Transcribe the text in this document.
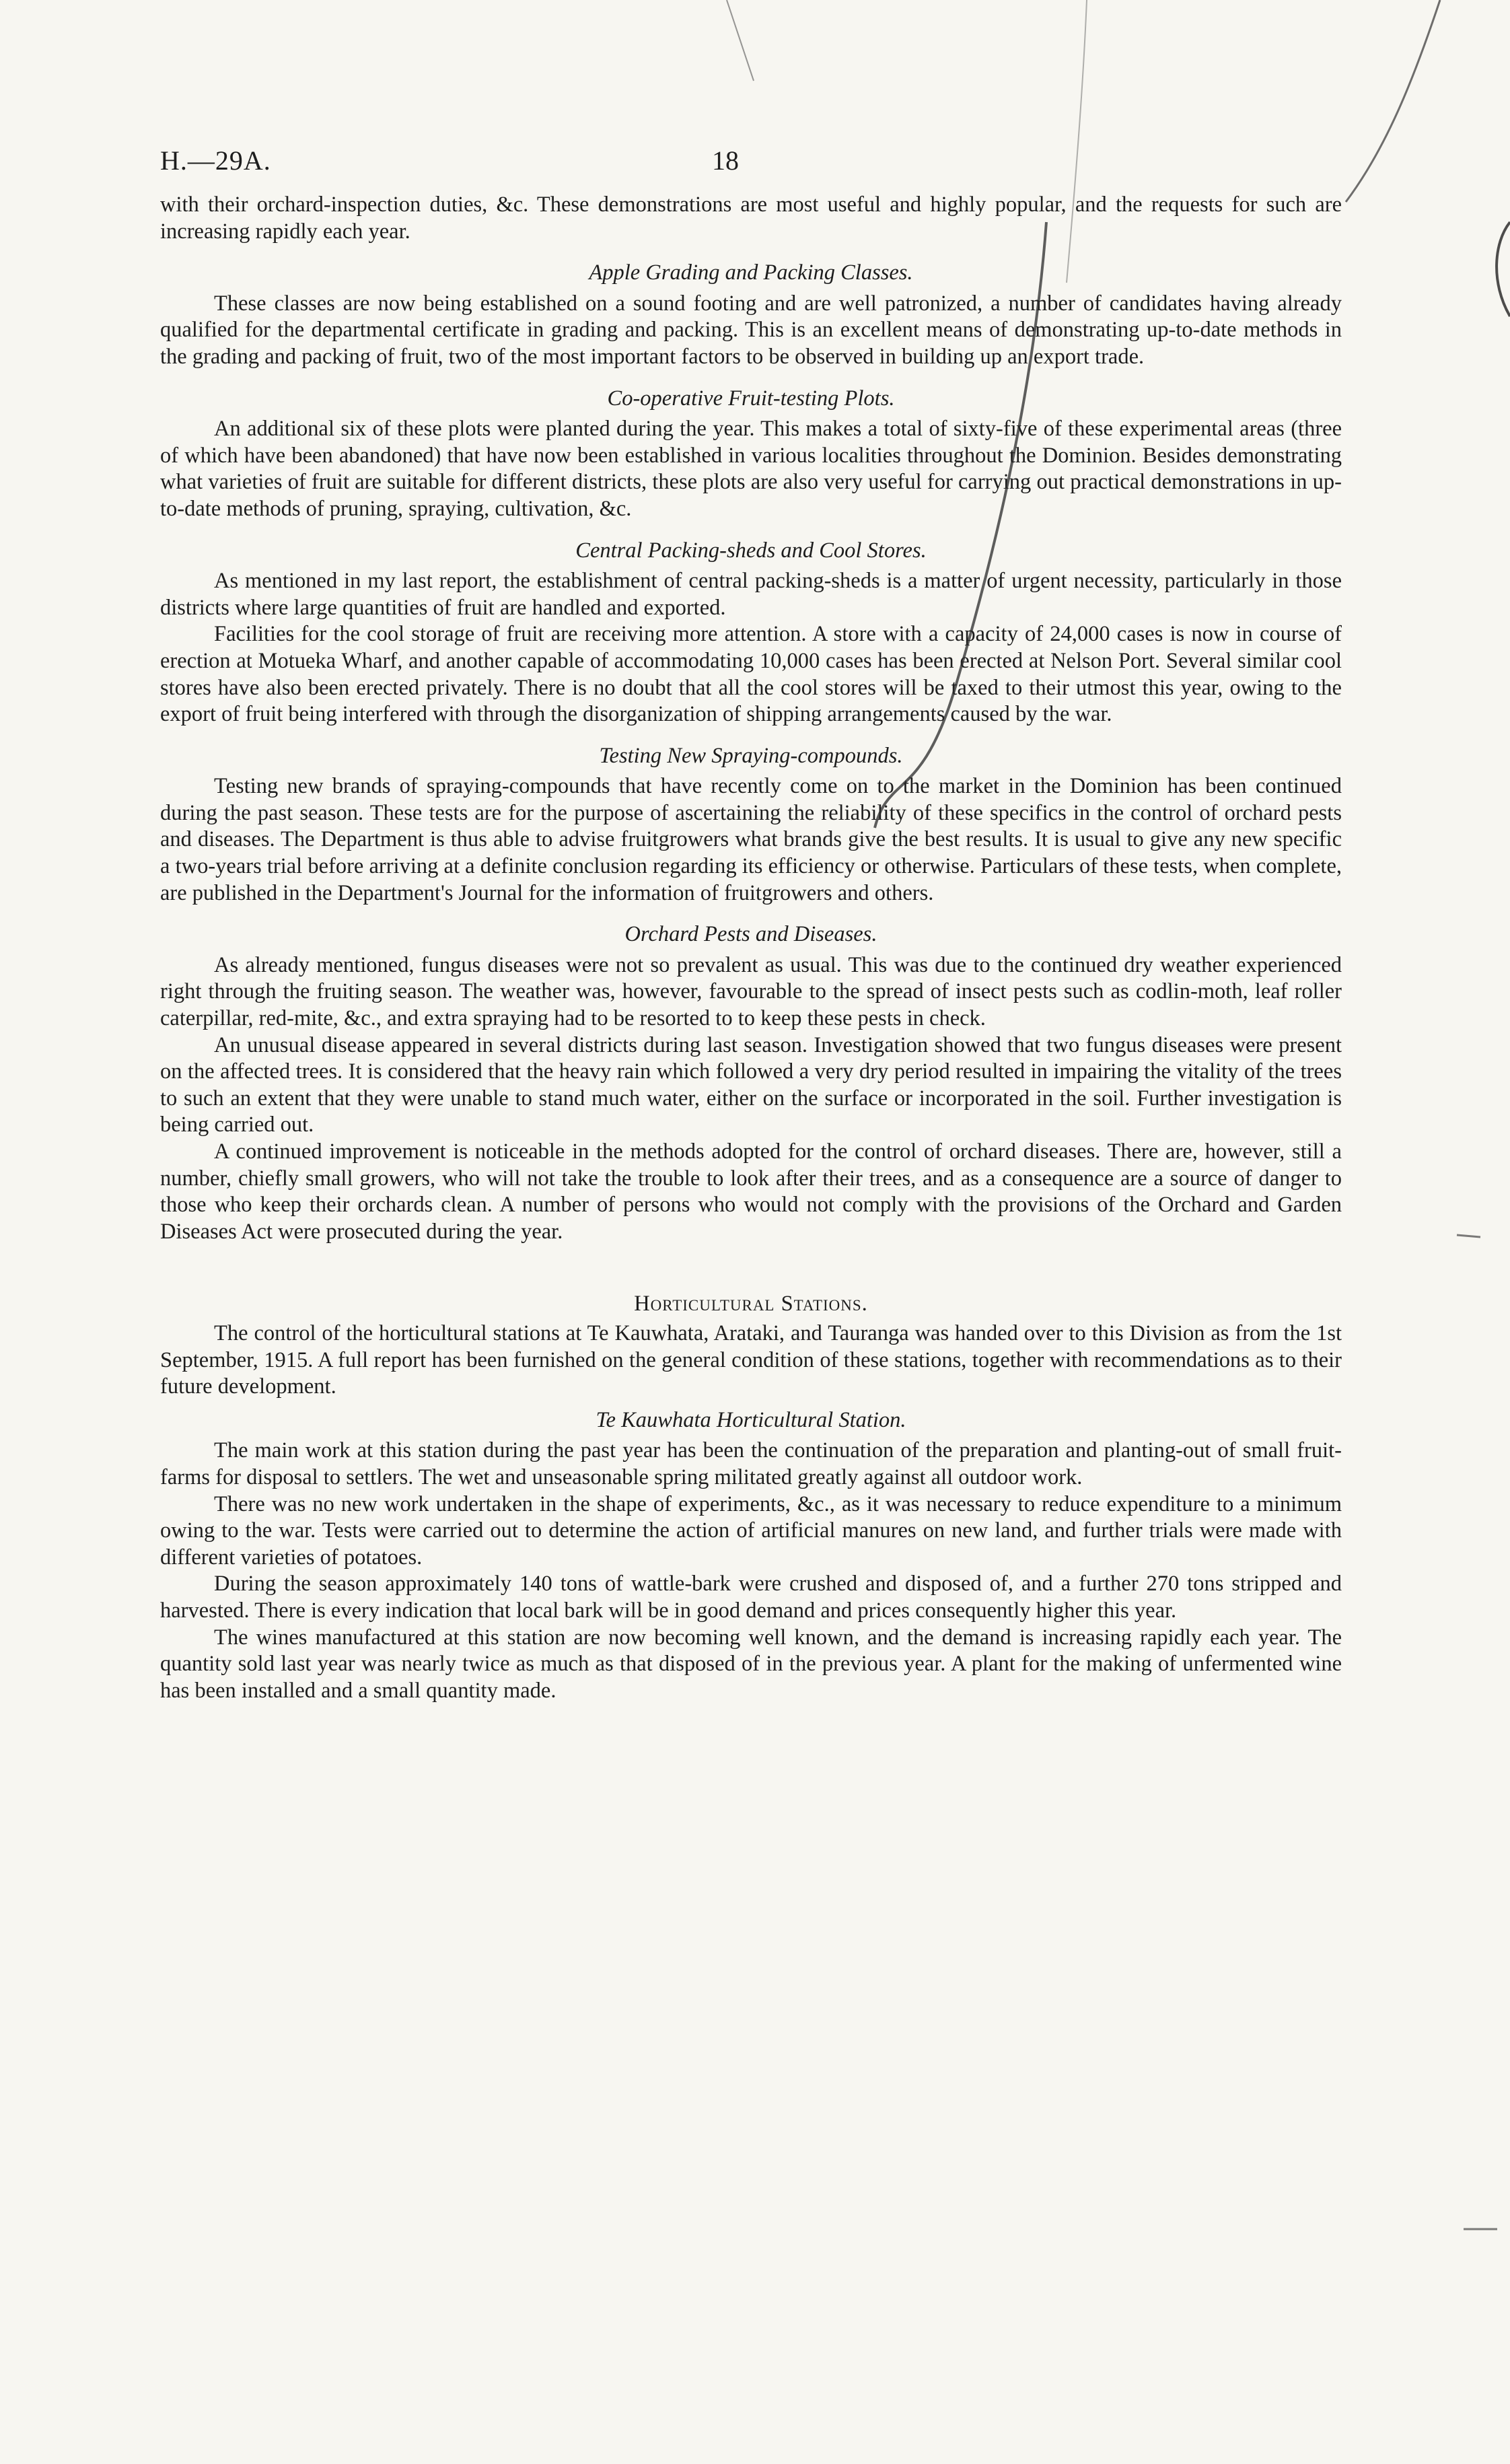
H.—29A.	18

with their orchard-inspection duties, &c. These demonstrations are most useful and highly popular, and the requests for such are increasing rapidly each year.

Apple Grading and Packing Classes.

These classes are now being established on a sound footing and are well patronized, a number of candidates having already qualified for the departmental certificate in grading and packing. This is an excellent means of demonstrating up-to-date methods in the grading and packing of fruit, two of the most important factors to be observed in building up an export trade.

Co-operative Fruit-testing Plots.

An additional six of these plots were planted during the year. This makes a total of sixty-five of these experimental areas (three of which have been abandoned) that have now been established in various localities throughout the Dominion. Besides demonstrating what varieties of fruit are suitable for different districts, these plots are also very useful for carrying out practical demonstrations in up-to-date methods of pruning, spraying, cultivation, &c.

Central Packing-sheds and Cool Stores.

As mentioned in my last report, the establishment of central packing-sheds is a matter of urgent necessity, particularly in those districts where large quantities of fruit are handled and exported.

Facilities for the cool storage of fruit are receiving more attention. A store with a capacity of 24,000 cases is now in course of erection at Motueka Wharf, and another capable of accommodating 10,000 cases has been erected at Nelson Port. Several similar cool stores have also been erected privately. There is no doubt that all the cool stores will be taxed to their utmost this year, owing to the export of fruit being interfered with through the disorganization of shipping arrangements caused by the war.

Testing New Spraying-compounds.

Testing new brands of spraying-compounds that have recently come on to the market in the Dominion has been continued during the past season. These tests are for the purpose of ascertaining the reliability of these specifics in the control of orchard pests and diseases. The Department is thus able to advise fruitgrowers what brands give the best results. It is usual to give any new specific a two-years trial before arriving at a definite conclusion regarding its efficiency or otherwise. Particulars of these tests, when complete, are published in the Department's Journal for the information of fruitgrowers and others.

Orchard Pests and Diseases.

As already mentioned, fungus diseases were not so prevalent as usual. This was due to the continued dry weather experienced right through the fruiting season. The weather was, however, favourable to the spread of insect pests such as codlin-moth, leaf roller caterpillar, red-mite, &c., and extra spraying had to be resorted to to keep these pests in check.

An unusual disease appeared in several districts during last season. Investigation showed that two fungus diseases were present on the affected trees. It is considered that the heavy rain which followed a very dry period resulted in impairing the vitality of the trees to such an extent that they were unable to stand much water, either on the surface or incorporated in the soil. Further investigation is being carried out.

A continued improvement is noticeable in the methods adopted for the control of orchard diseases. There are, however, still a number, chiefly small growers, who will not take the trouble to look after their trees, and as a consequence are a source of danger to those who keep their orchards clean. A number of persons who would not comply with the provisions of the Orchard and Garden Diseases Act were prosecuted during the year.

Horticultural Stations.

The control of the horticultural stations at Te Kauwhata, Arataki, and Tauranga was handed over to this Division as from the 1st September, 1915. A full report has been furnished on the general condition of these stations, together with recommendations as to their future development.

Te Kauwhata Horticultural Station.

The main work at this station during the past year has been the continuation of the preparation and planting-out of small fruit-farms for disposal to settlers. The wet and unseasonable spring militated greatly against all outdoor work.

There was no new work undertaken in the shape of experiments, &c., as it was necessary to reduce expenditure to a minimum owing to the war. Tests were carried out to determine the action of artificial manures on new land, and further trials were made with different varieties of potatoes.

During the season approximately 140 tons of wattle-bark were crushed and disposed of, and a further 270 tons stripped and harvested. There is every indication that local bark will be in good demand and prices consequently higher this year.

The wines manufactured at this station are now becoming well known, and the demand is increasing rapidly each year. The quantity sold last year was nearly twice as much as that disposed of in the previous year. A plant for the making of unfermented wine has been installed and a small quantity made.
